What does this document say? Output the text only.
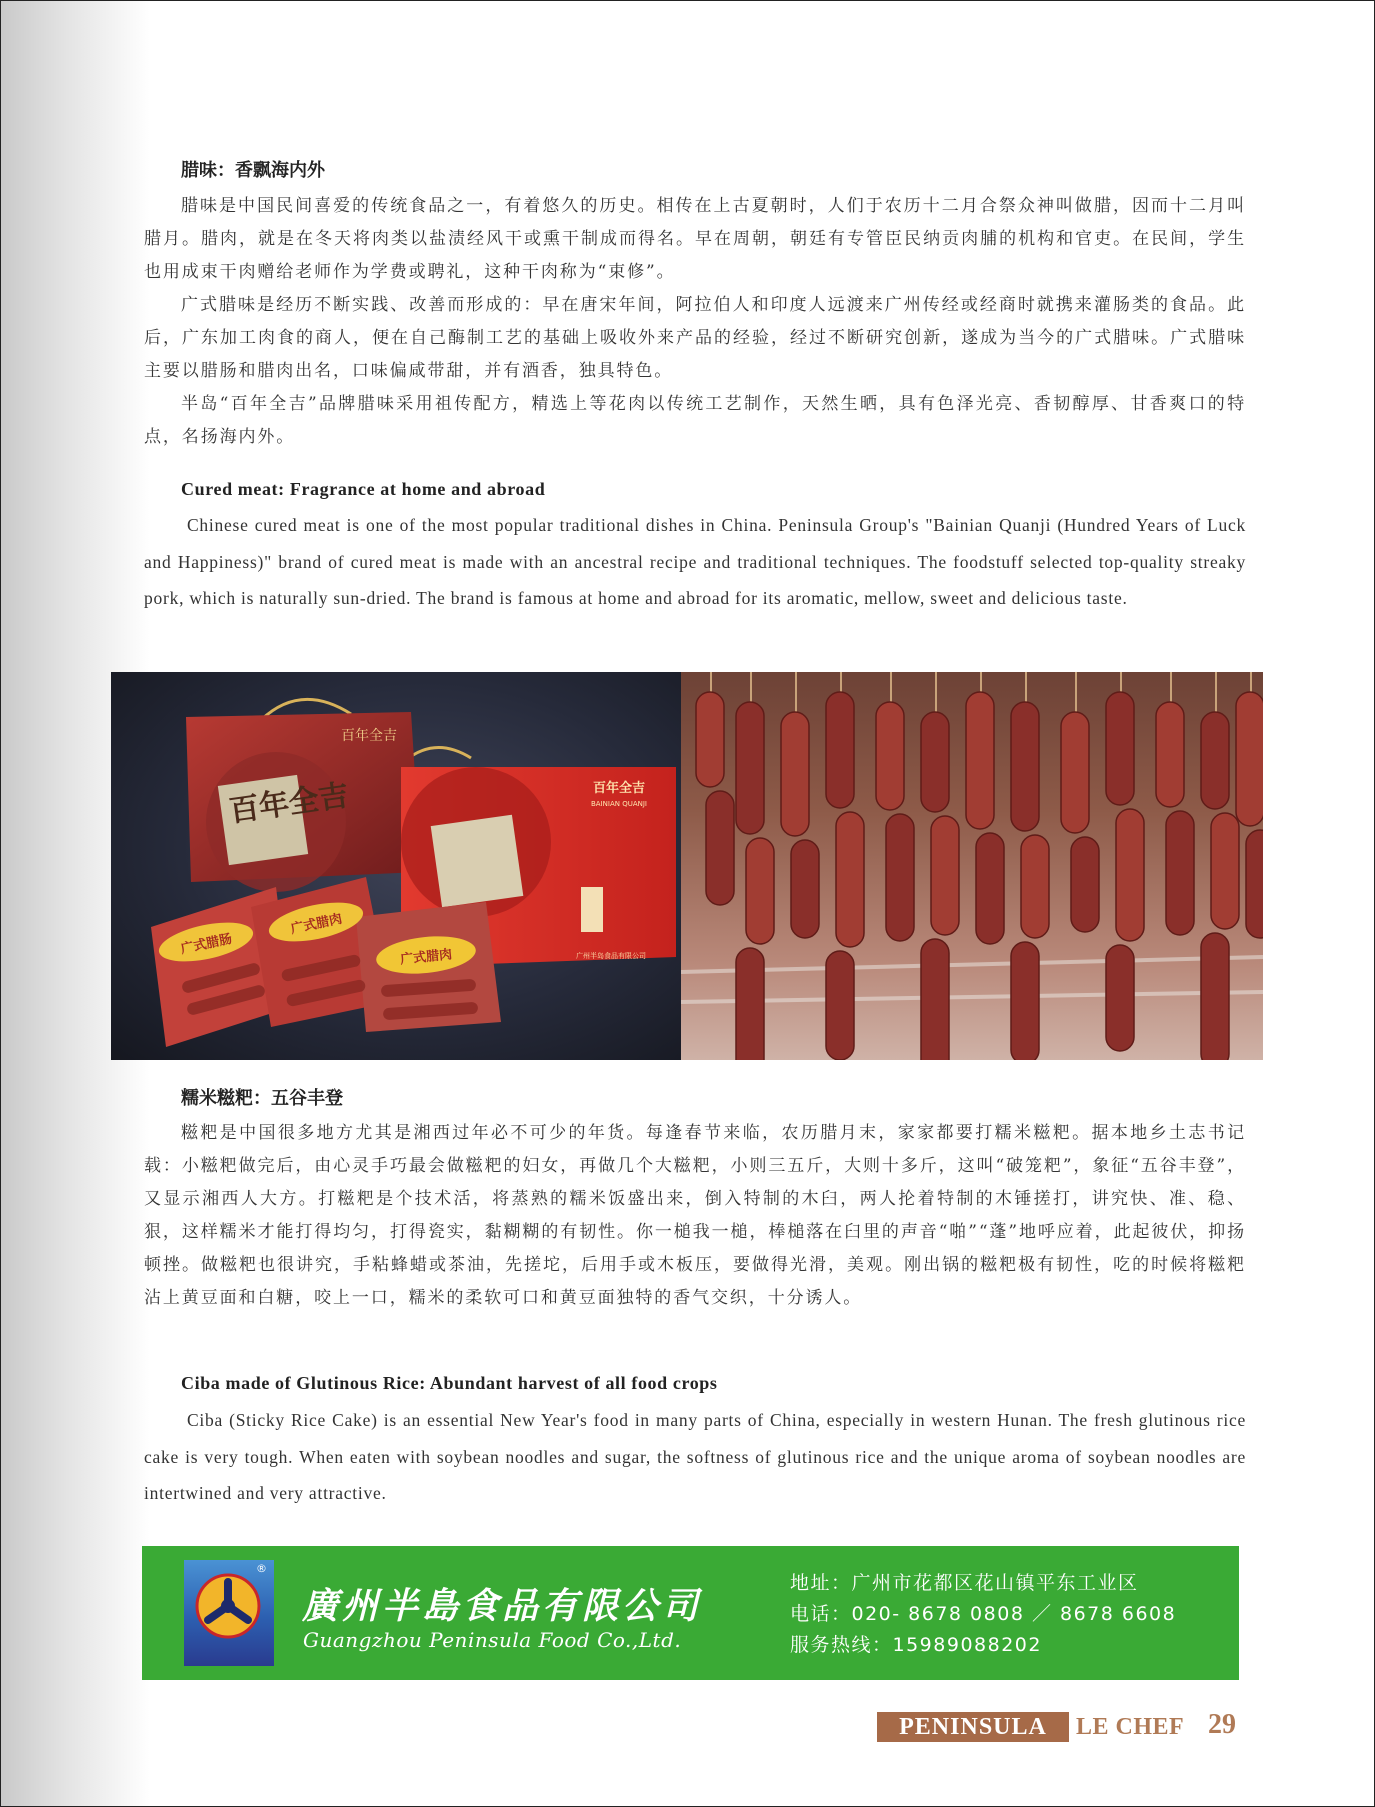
腊味：香飘海内外

腊味是中国民间喜爱的传统食品之一，有着悠久的历史。相传在上古夏朝时，人们于农历十二月合祭众神叫做腊，因而十二月叫腊月。腊肉，就是在冬天将肉类以盐渍经风干或熏干制成而得名。早在周朝，朝廷有专管臣民纳贡肉脯的机构和官吏。在民间，学生也用成束干肉赠给老师作为学费或聘礼，这种干肉称为“束修”。

广式腊味是经历不断实践、改善而形成的：早在唐宋年间，阿拉伯人和印度人远渡来广州传经或经商时就携来灌肠类的食品。此后，广东加工肉食的商人，便在自己酶制工艺的基础上吸收外来产品的经验，经过不断研究创新，遂成为当今的广式腊味。广式腊味主要以腊肠和腊肉出名，口味偏咸带甜，并有酒香，独具特色。

半岛“百年全吉”品牌腊味采用祖传配方，精选上等花肉以传统工艺制作，天然生晒，具有色泽光亮、香韧醇厚、甘香爽口的特点，名扬海内外。

Cured meat: Fragrance at home and abroad

Chinese cured meat is one of the most popular traditional dishes in China. Peninsula Group's "Bainian Quanji (Hundred Years of Luck and Happiness)" brand of cured meat is made with an ancestral recipe and traditional techniques. The foodstuff selected top-quality streaky pork, which is naturally sun-dried. The brand is famous at home and abroad for its aromatic, mellow, sweet and delicious taste.

百年全吉
百年全吉
百年全吉
BAINIAN QUANJI
广州半岛食品有限公司
广式腊肠
广式腊肉
广式腊肉
糯米糍粑：五谷丰登

糍粑是中国很多地方尤其是湘西过年必不可少的年货。每逢春节来临，农历腊月末，家家都要打糯米糍粑。据本地乡土志书记载：小糍粑做完后，由心灵手巧最会做糍粑的妇女，再做几个大糍粑，小则三五斤，大则十多斤，这叫“破笼粑”，象征“五谷丰登”，又显示湘西人大方。打糍粑是个技术活，将蒸熟的糯米饭盛出来，倒入特制的木臼，两人抡着特制的木锤搓打，讲究快、准、稳、狠，这样糯米才能打得均匀，打得瓷实，黏糊糊的有韧性。你一槌我一槌，棒槌落在臼里的声音“啪”“蓬”地呼应着，此起彼伏，抑扬顿挫。做糍粑也很讲究，手粘蜂蜡或茶油，先搓坨，后用手或木板压，要做得光滑，美观。刚出锅的糍粑极有韧性，吃的时候将糍粑沾上黄豆面和白糖，咬上一口，糯米的柔软可口和黄豆面独特的香气交织，十分诱人。

Ciba made of Glutinous Rice: Abundant harvest of all food crops

Ciba (Sticky Rice Cake) is an essential New Year's food in many parts of China, especially in western Hunan. The fresh glutinous rice cake is very tough. When eaten with soybean noodles and sugar, the softness of glutinous rice and the unique aroma of soybean noodles are intertwined and very attractive.

®

廣州半島食品有限公司

Guangzhou Peninsula Food Co.,Ltd.

地址：广州市花都区花山镇平东工业区

电话：020- 8678 0808 ／ 8678 6608

服务热线：15989088202

PENINSULA	LE CHEF 29
